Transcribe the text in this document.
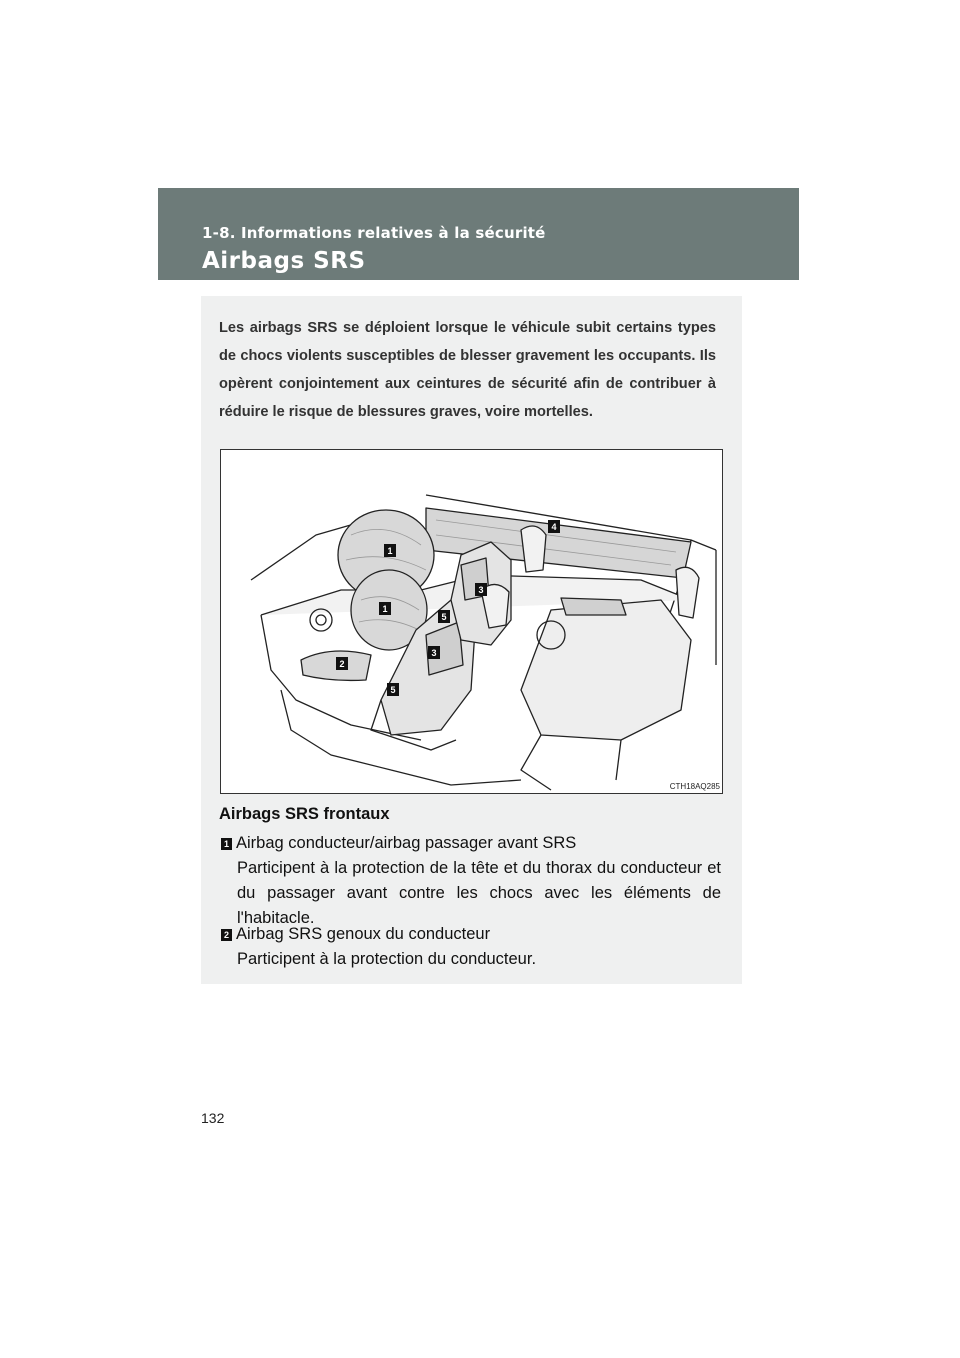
1-8. Informations relatives à la sécurité
Airbags SRS

Les airbags SRS se déploient lorsque le véhicule subit certains types de chocs violents susceptibles de blesser gravement les occupants. Ils opèrent conjointement aux ceintures de sécurité afin de contribuer à réduire le risque de blessures graves, voire mortelles.

1
1
2
3
3
4
5
5
CTH18AQ285
Airbags SRS frontaux
1 Airbag conducteur/airbag passager avant SRS
Participent à la protection de la tête et du thorax du conducteur et du passager avant contre les chocs avec les éléments de l'habitacle.
2 Airbag SRS genoux du conducteur
Participent à la protection du conducteur.
132
